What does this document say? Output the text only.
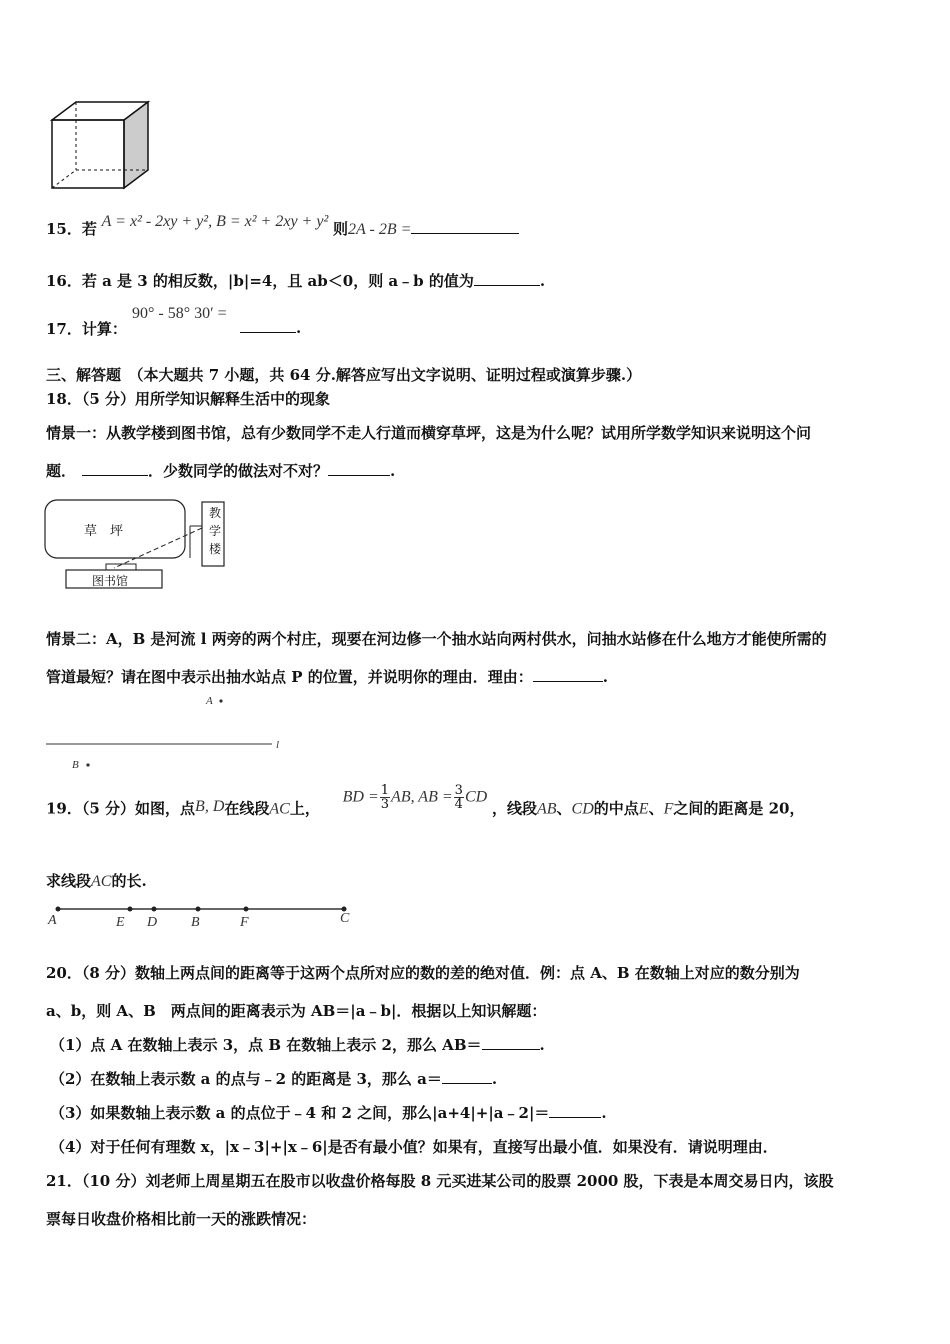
15．若 A = x² - 2xy + y², B = x² + 2xy + y² 则2A - 2B =
16．若 a 是 3 的相反数，|b|=4，且 ab＜0，则 a﹣b 的值为	.
17．计算：
90° - 58° 30′ =
.
三、解答题　（本大题共 7 小题，共 64 分.解答应写出文字说明、证明过程或演算步骤.）
18．（5 分）用所学知识解释生活中的现象
情景一：从教学楼到图书馆，总有少数同学不走人行道而横穿草坪，这是为什么呢？试用所学数学知识来说明这个问
题．	．少数同学的做法对不对？	.
草　坪
教
学
楼
图书馆
情景二：A，B 是河流 l 两旁的两个村庄，现要在河边修一个抽水站向两村供水，问抽水站修在什么地方才能使所需的
管道最短？请在图中表示出抽水站点 P 的位置，并说明你的理由．理由：	.
A
l
B
19．（5 分）如图，点B, D在线段AC上， BD = $\frac{1}{3}$ AB, AB = $\frac{3}{4}$ CD ，线段AB、CD的中点E、F之间的距离是 20，
求线段AC的长.
A	E D B	F	C
20．（8 分）数轴上两点间的距离等于这两个点所对应的数的差的绝对值．例：点 A、B 在数轴上对应的数分别为
a、b，则 A、B　两点间的距离表示为 AB＝|a﹣b|．根据以上知识解题：
（1）点 A 在数轴上表示 3，点 B 在数轴上表示 2，那么 AB＝	.
（2）在数轴上表示数 a 的点与﹣2 的距离是 3，那么 a＝	.
（3）如果数轴上表示数 a 的点位于﹣4 和 2 之间，那么|a+4|+|a﹣2|＝	.
（4）对于任何有理数 x，|x﹣3|+|x﹣6|是否有最小值？如果有，直接写出最小值．如果没有．请说明理由．
21．（10 分）刘老师上周星期五在股市以收盘价格每股 8 元买进某公司的股票 2000 股，下表是本周交易日内，该股
票每日收盘价格相比前一天的涨跌情况：
